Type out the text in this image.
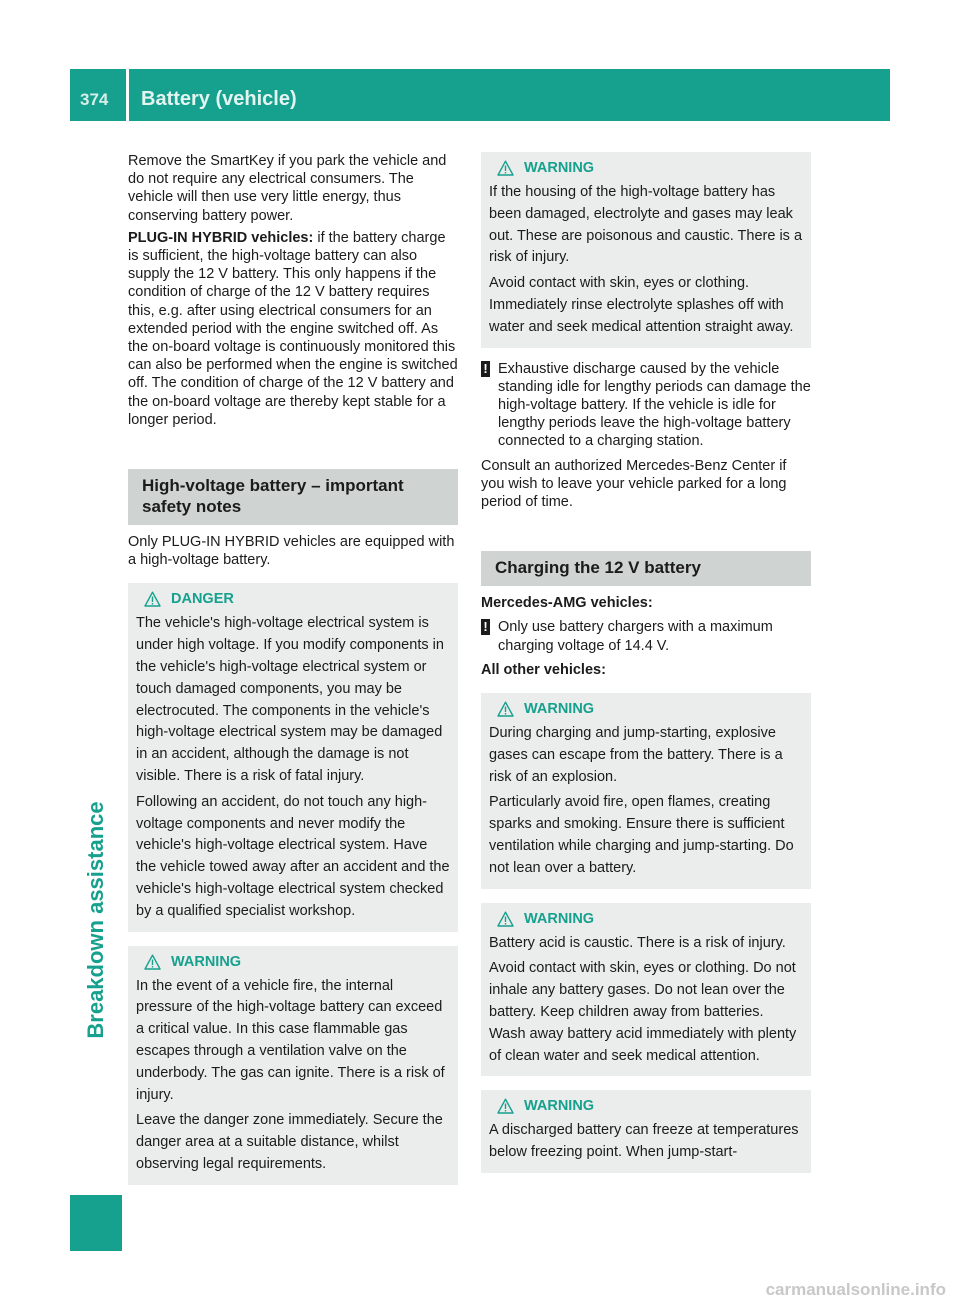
374	Battery (vehicle)
Breakdown assistance

Remove the SmartKey if you park the vehicle and do not require any electrical consumers. The vehicle will then use very little energy, thus conserving battery power.

PLUG-IN HYBRID vehicles: if the battery charge is sufficient, the high-voltage battery can also supply the 12 V battery. This only happens if the condition of charge of the 12 V battery requires this, e.g. after using electrical consumers for an extended period with the engine switched off. As the on-board voltage is continuously monitored this can also be performed when the engine is switched off. The condition of charge of the 12 V battery and the on-board voltage are thereby kept stable for a longer period.

High-voltage battery – important safety notes

Only PLUG-IN HYBRID vehicles are equipped with a high-voltage battery.

DANGER

The vehicle's high-voltage electrical system is under high voltage. If you modify components in the vehicle's high-voltage electrical system or touch damaged components, you may be electrocuted. The components in the vehicle's high-voltage electrical system may be damaged in an accident, although the damage is not visible. There is a risk of fatal injury.

Following an accident, do not touch any high-voltage components and never modify the vehicle's high-voltage electrical system. Have the vehicle towed away after an accident and the vehicle's high-voltage electrical system checked by a qualified specialist workshop.

WARNING

In the event of a vehicle fire, the internal pressure of the high-voltage battery can exceed a critical value. In this case flammable gas escapes through a ventilation valve on the underbody. The gas can ignite. There is a risk of injury.

Leave the danger zone immediately. Secure the danger area at a suitable distance, whilst observing legal requirements.

WARNING

If the housing of the high-voltage battery has been damaged, electrolyte and gases may leak out. These are poisonous and caustic. There is a risk of injury.

Avoid contact with skin, eyes or clothing. Immediately rinse electrolyte splashes off with water and seek medical attention straight away.

! Exhaustive discharge caused by the vehicle standing idle for lengthy periods can damage the high-voltage battery. If the vehicle is idle for lengthy periods leave the high-voltage battery connected to a charging station.

Consult an authorized Mercedes-Benz Center if you wish to leave your vehicle parked for a long period of time.

Charging the 12 V battery

Mercedes-AMG vehicles:

! Only use battery chargers with a maximum charging voltage of 14.4 V.

All other vehicles:

WARNING

During charging and jump-starting, explosive gases can escape from the battery. There is a risk of an explosion.

Particularly avoid fire, open flames, creating sparks and smoking. Ensure there is sufficient ventilation while charging and jump-starting. Do not lean over a battery.

WARNING

Battery acid is caustic. There is a risk of injury.

Avoid contact with skin, eyes or clothing. Do not inhale any battery gases. Do not lean over the battery. Keep children away from batteries. Wash away battery acid immediately with plenty of clean water and seek medical attention.

WARNING

A discharged battery can freeze at temperatures below freezing point. When jump-start-

carmanualsonline.info
